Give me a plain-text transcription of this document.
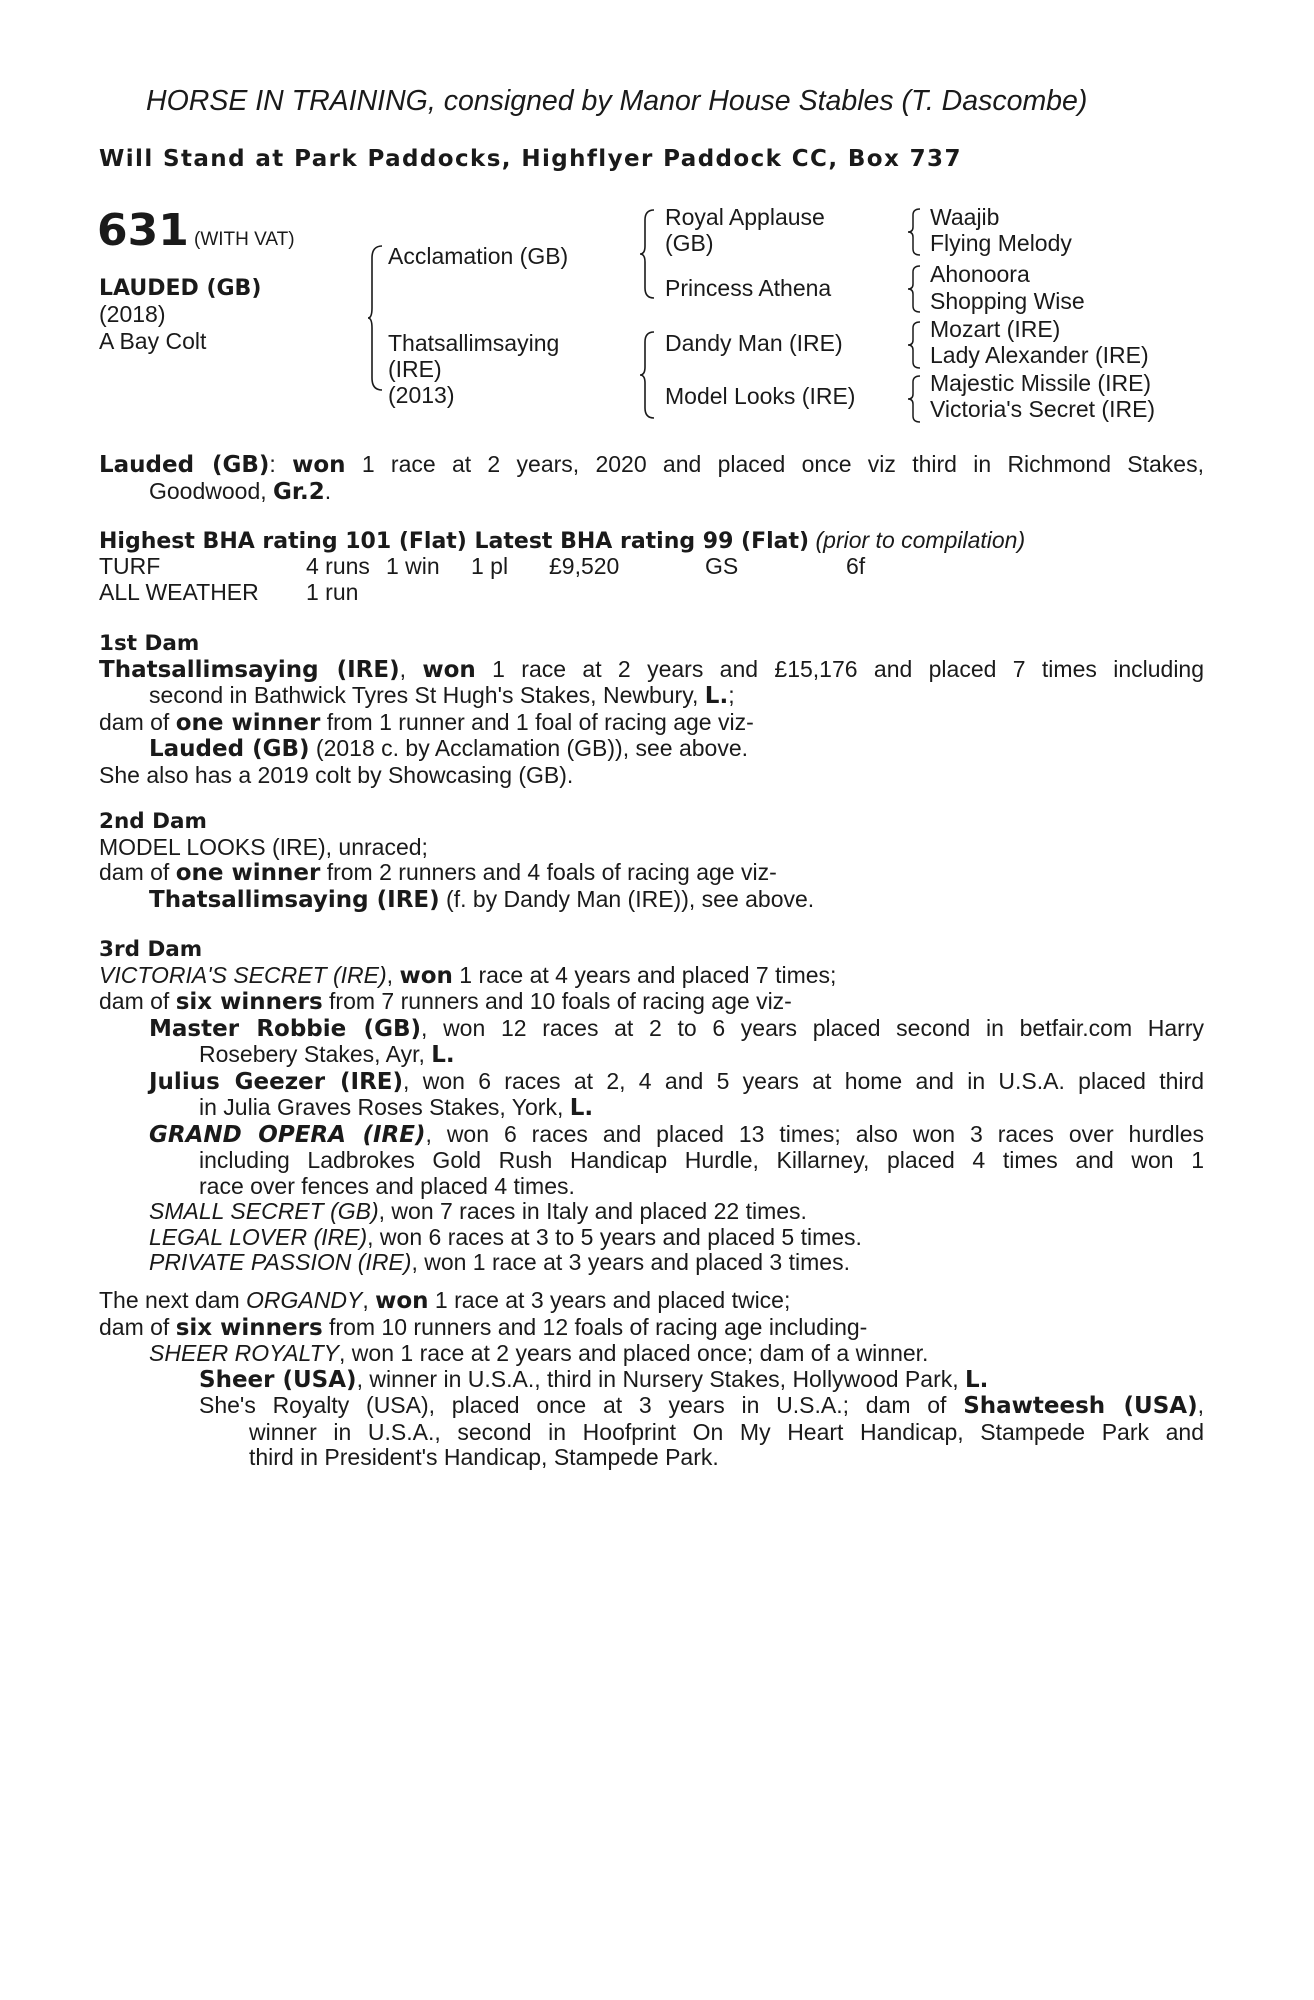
HORSE IN TRAINING, consigned by Manor House Stables (T. Dascombe)
Will Stand at Park Paddocks, Highflyer Paddock CC, Box 737
631 (WITH VAT)
LAUDED (GB)
(2018)
A Bay Colt
Acclamation (GB)
Thatsallimsaying
(IRE)
(2013)
Royal Applause
(GB)
Princess Athena
Dandy Man (IRE)
Model Looks (IRE)
Waajib
Flying Melody
Ahonoora
Shopping Wise
Mozart (IRE)
Lady Alexander (IRE)
Majestic Missile (IRE)
Victoria's Secret (IRE)
Lauded (GB): won 1 race at 2 years, 2020 and placed once viz third in Richmond Stakes,
Goodwood, Gr.2.
Highest BHA rating 101 (Flat) Latest BHA rating 99 (Flat) (prior to compilation)
TURF	4 runs 1 win 1 pl £9,520	GS	6f
ALL WEATHER 1 run
1st Dam
Thatsallimsaying (IRE), won 1 race at 2 years and £15,176 and placed 7 times including
second in Bathwick Tyres St Hugh's Stakes, Newbury, L.;
dam of one winner from 1 runner and 1 foal of racing age viz-
Lauded (GB) (2018 c. by Acclamation (GB)), see above.
She also has a 2019 colt by Showcasing (GB).
2nd Dam
MODEL LOOKS (IRE), unraced;
dam of one winner from 2 runners and 4 foals of racing age viz-
Thatsallimsaying (IRE) (f. by Dandy Man (IRE)), see above.
3rd Dam
VICTORIA'S SECRET (IRE), won 1 race at 4 years and placed 7 times;
dam of six winners from 7 runners and 10 foals of racing age viz-
Master Robbie (GB), won 12 races at 2 to 6 years placed second in betfair.com Harry
Rosebery Stakes, Ayr, L.
Julius Geezer (IRE), won 6 races at 2, 4 and 5 years at home and in U.S.A. placed third
in Julia Graves Roses Stakes, York, L.
GRAND OPERA (IRE), won 6 races and placed 13 times; also won 3 races over hurdles
including Ladbrokes Gold Rush Handicap Hurdle, Killarney, placed 4 times and won 1
race over fences and placed 4 times.
SMALL SECRET (GB), won 7 races in Italy and placed 22 times.
LEGAL LOVER (IRE), won 6 races at 3 to 5 years and placed 5 times.
PRIVATE PASSION (IRE), won 1 race at 3 years and placed 3 times.
The next dam ORGANDY, won 1 race at 3 years and placed twice;
dam of six winners from 10 runners and 12 foals of racing age including-
SHEER ROYALTY, won 1 race at 2 years and placed once; dam of a winner.
Sheer (USA), winner in U.S.A., third in Nursery Stakes, Hollywood Park, L.
She's Royalty (USA), placed once at 3 years in U.S.A.; dam of Shawteesh (USA),
winner in U.S.A., second in Hoofprint On My Heart Handicap, Stampede Park and
third in President's Handicap, Stampede Park.
